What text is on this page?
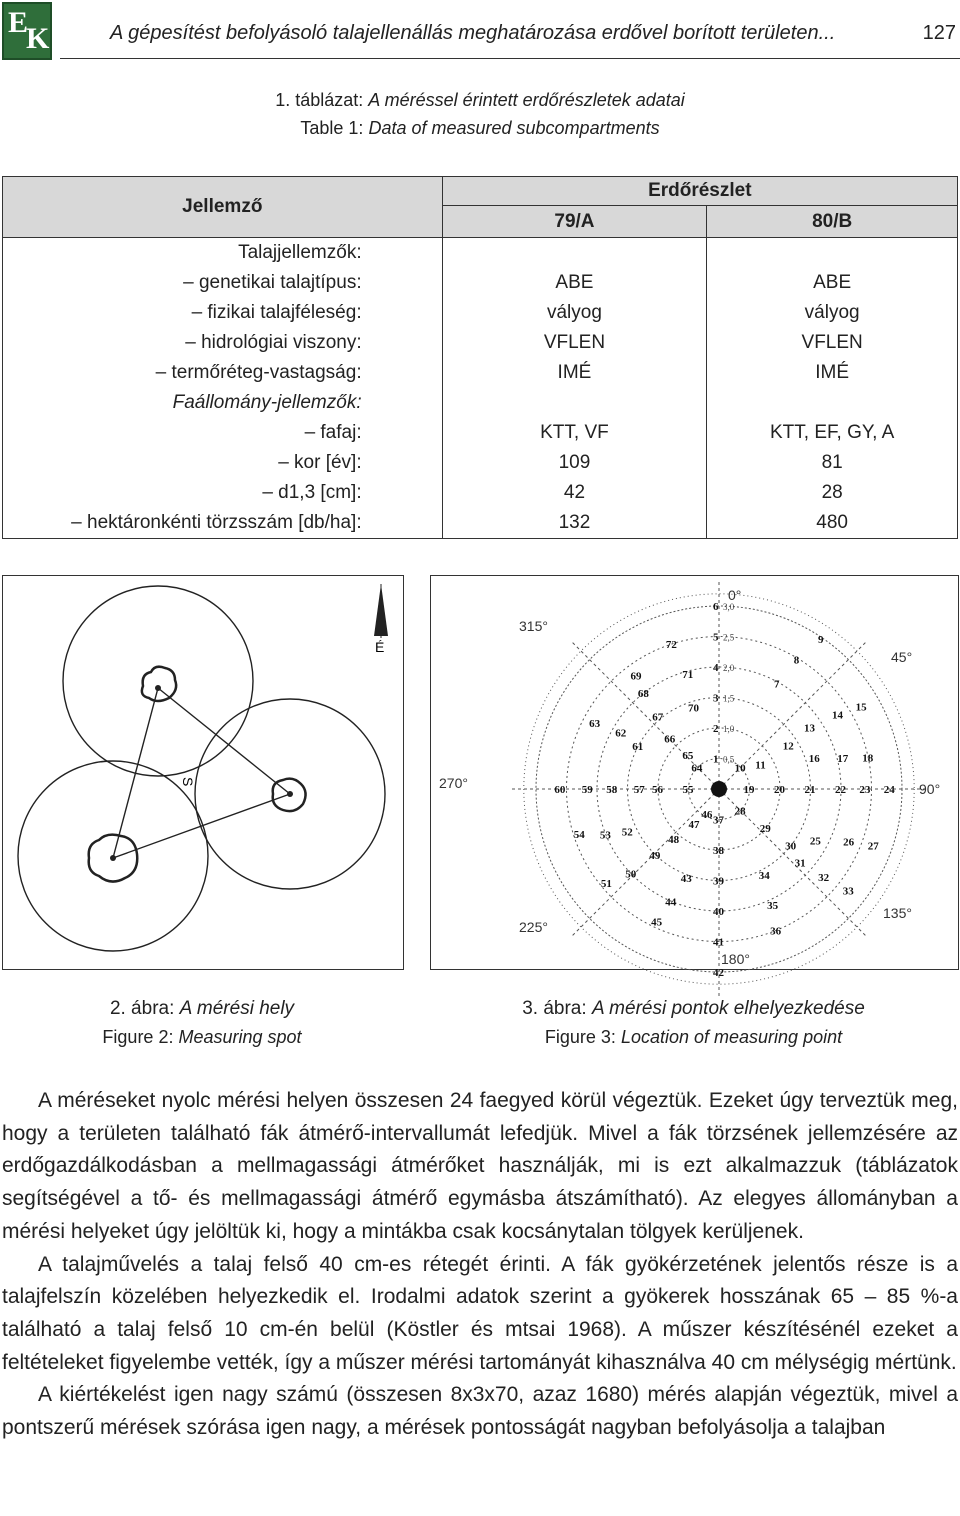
E
K	A gépesítést befolyásoló talajellenállás meghatározása erdővel borított területen...	127
1. táblázat: A méréssel érintett erdőrészletek adatai
Table 1: Data of measured subcompartments
Jellemző	Erdőrészlet	
	79/A	80/B
Talajjellemzők:		
– genetikai talajtípus:	ABE	ABE
– fizikai talajféleség:	vályog	vályog
– hidrológiai viszony:	VFLEN	VFLEN
– termőréteg-vastagság:	IMÉ	IMÉ
Faállomány-jellemzők:		
– fafaj:	KTT, VF	KTT, EF, GY, A
– kor [év]:	109	81
– d1,3 [cm]:	42	28
– hektáronkénti törzsszám [db/ha]:	132	480
É
S
0°
45°
90°
135°
180°
225°
270°
315°
0,5
1,0
1,5
2,0
2,5
3,0
1
2
3
4
5
6
7
8
9
10 11
12
13
14
15
16 17 18
19 20 21 22 23 24
25 26 27
28
29
30
31
32
33
34
35
36
37
38
39
40
41
42
43
44
45
46
47
48
49
50
51
52
53
54
55
56
57
58
59
60
61
62
63
64
65
66
67
68
69
70
71
72
2. ábra: A mérési hely
Figure 2: Measuring spot
3. ábra: A mérési pontok elhelyezkedése
Figure 3: Location of measuring point

A méréseket nyolc mérési helyen összesen 24 faegyed körül végeztük. Ezeket úgy terveztük meg, hogy a területen található fák átmérő-intervallumát lefedjük. Mivel a fák törzsének jellemzésére az erdőgazdálkodásban a mellmagassági átmérőket használják, mi is ezt alkalmazzuk (táblázatok segítségével a tő- és mellmagassági átmérő egymásba átszámítható). Az elegyes állományban a mérési helyeket úgy jelöltük ki, hogy a mintákba csak kocsánytalan tölgyek kerüljenek.

A talajművelés a talaj felső 40 cm-es rétegét érinti. A fák gyökérzetének jelentős része is a talajfelszín közelében helyezkedik el. Irodalmi adatok szerint a gyökerek hosszának 65 – 85 %-a található a talaj felső 10 cm-én belül (Köstler és mtsai 1968). A műszer készítésénél ezeket a feltételeket figyelembe vették, így a műszer mérési tartományát kihasználva 40 cm mélységig mértünk.

A kiértékelést igen nagy számú (összesen 8x3x70, azaz 1680) mérés alapján végeztük, mivel a pontszerű mérések szórása igen nagy, a mérések pontosságát nagyban befolyásolja a talajban
